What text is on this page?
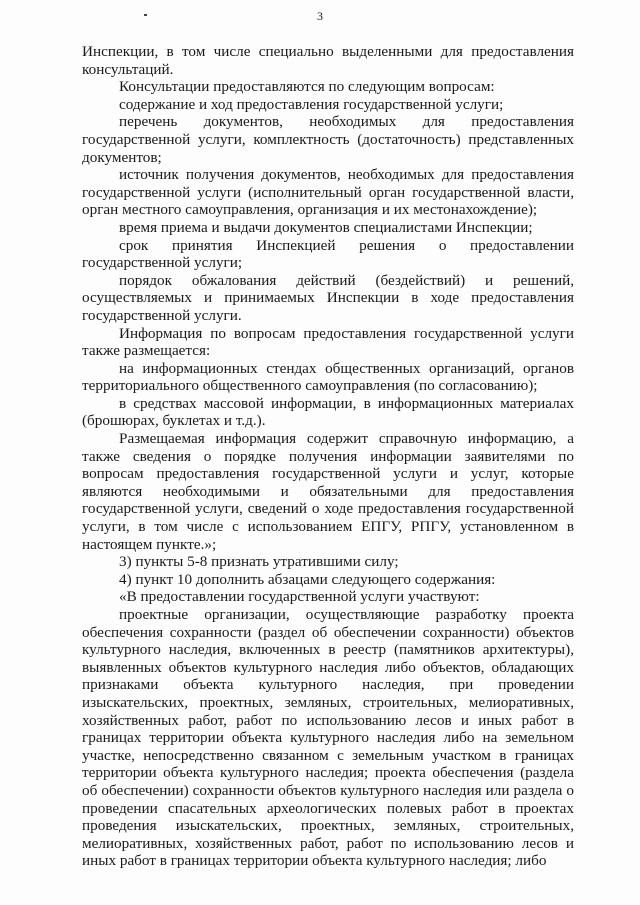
3

Инспекции, в том числе специально выделенными для предоставления консультаций.

Консультации предоставляются по следующим вопросам:

содержание и ход предоставления государственной услуги;

перечень документов, необходимых для предоставления государственной услуги, комплектность (достаточность) представленных документов;

источник получения документов, необходимых для предоставления государственной услуги (исполнительный орган государственной власти, орган местного самоуправления, организация и их местонахождение);

время приема и выдачи документов специалистами Инспекции;

срок принятия Инспекцией решения о предоставлении государственной услуги;

порядок обжалования действий (бездействий) и решений, осуществляемых и принимаемых Инспекции в ходе предоставления государственной услуги.

Информация по вопросам предоставления государственной услуги также размещается:

на информационных стендах общественных организаций, органов территориального общественного самоуправления (по согласованию);

в средствах массовой информации, в информационных материалах (брошюрах, буклетах и т.д.).

Размещаемая информация содержит справочную информацию, а также сведения о порядке получения информации заявителями по вопросам предоставления государственной услуги и услуг, которые являются необходимыми и обязательными для предоставления государственной услуги, сведений о ходе предоставления государственной услуги, в том числе с использованием ЕПГУ, РПГУ, установленном в настоящем пункте.»;

3) пункты 5-8 признать утратившими силу;

4) пункт 10 дополнить абзацами следующего содержания:

«В предоставлении государственной услуги участвуют:

проектные организации, осуществляющие разработку проекта обеспечения сохранности (раздел об обеспечении сохранности) объектов культурного наследия, включенных в реестр (памятников архитектуры), выявленных объектов культурного наследия либо объектов, обладающих признаками объекта культурного наследия, при проведении изыскательских, проектных, земляных, строительных, мелиоративных, хозяйственных работ, работ по использованию лесов и иных работ в границах территории объекта культурного наследия либо на земельном участке, непосредственно связанном с земельным участком в границах территории объекта культурного наследия; проекта обеспечения (раздела об обеспечении) сохранности объектов культурного наследия или раздела о проведении спасательных археологических полевых работ в проектах проведения изыскательских, проектных, земляных, строительных, мелиоративных, хозяйственных работ, работ по использованию лесов и иных работ в границах территории объекта культурного наследия; либо
